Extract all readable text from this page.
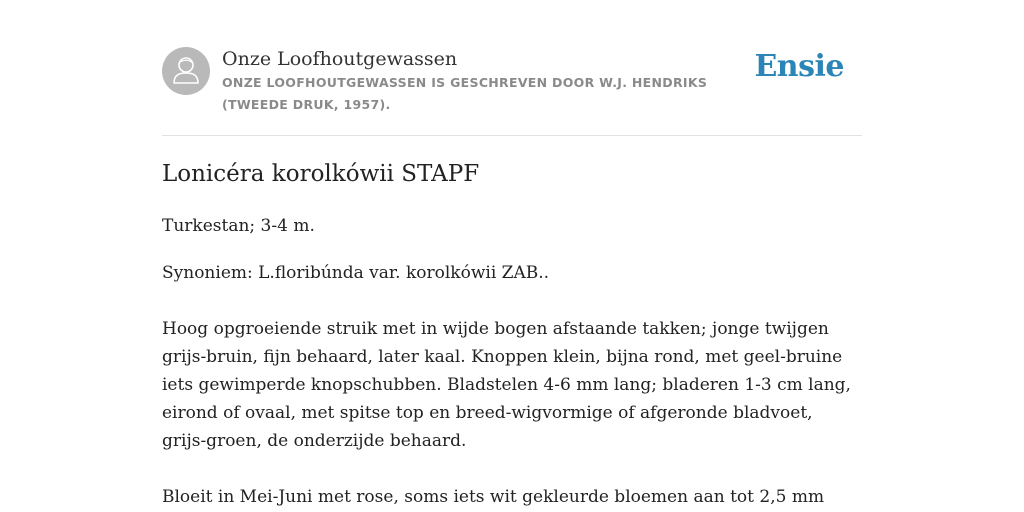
Onze Loofhoutgewassen
ONZE LOOFHOUTGEWASSEN IS GESCHREVEN DOOR W.J. HENDRIKS (TWEEDE DRUK, 1957).
Ensie
Lonicéra korolkówii STAPF

Turkestan; 3-4 m.

Synoniem: L.floribúnda var. korolkówii ZAB..

Hoog opgroeiende struik met in wijde bogen afstaande takken; jonge twijgen grijs-bruin, fijn behaard, later kaal. Knoppen klein, bijna rond, met geel-bruine iets gewimperde knopschubben. Bladstelen 4-6 mm lang; bladeren 1-3 cm lang, eirond of ovaal, met spitse top en breed-wigvormige of afgeronde bladvoet, grijs-groen, de onderzijde behaard.

Bloeit in Mei-Juni met rose, soms iets wit gekleurde bloemen aan tot 2,5 mm
